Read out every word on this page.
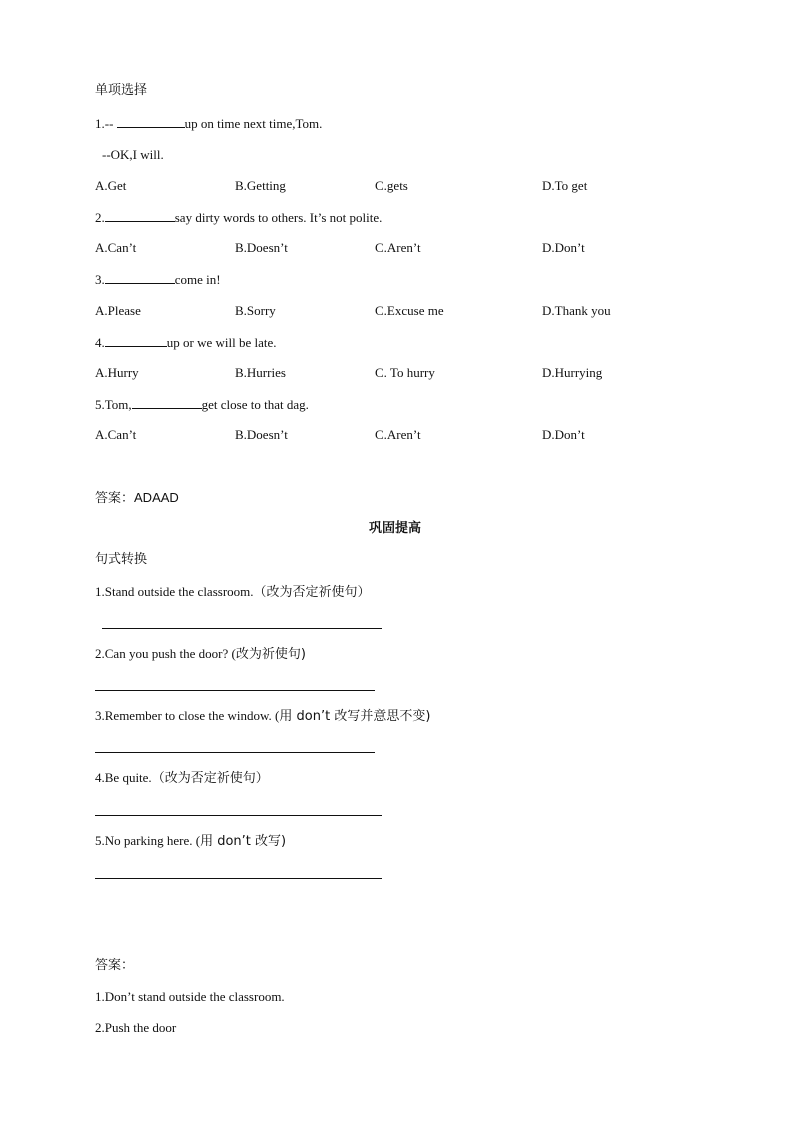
单项选择
1.--	up on time next time,Tom.
--OK,I will.
A.Get	B.Getting	C.gets	D.To get
2.	say dirty words to others. It’s not polite.
A.Can’t	B.Doesn’t	C.Aren’t	D.Don’t
3.	come in!
A.Please	B.Sorry	C.Excuse me	D.Thank you
4.	up or we will be late.
A.Hurry	B.Hurries	C. To hurry	D.Hurrying
5.Tom,	get close to that dag.
A.Can’t	B.Doesn’t	C.Aren’t	D.Don’t
答案：ADAAD
巩固提高
句式转换
1.Stand outside the classroom.（改为否定祈使句）
2.Can you push the door? (改为祈使句)
3.Remember to close the window. (用 don’t 改写并意思不变)
4.Be quite.（改为否定祈使句）
5.No parking here. (用 don’t 改写)
答案：
1.Don’t stand outside the classroom.
2.Push the door
